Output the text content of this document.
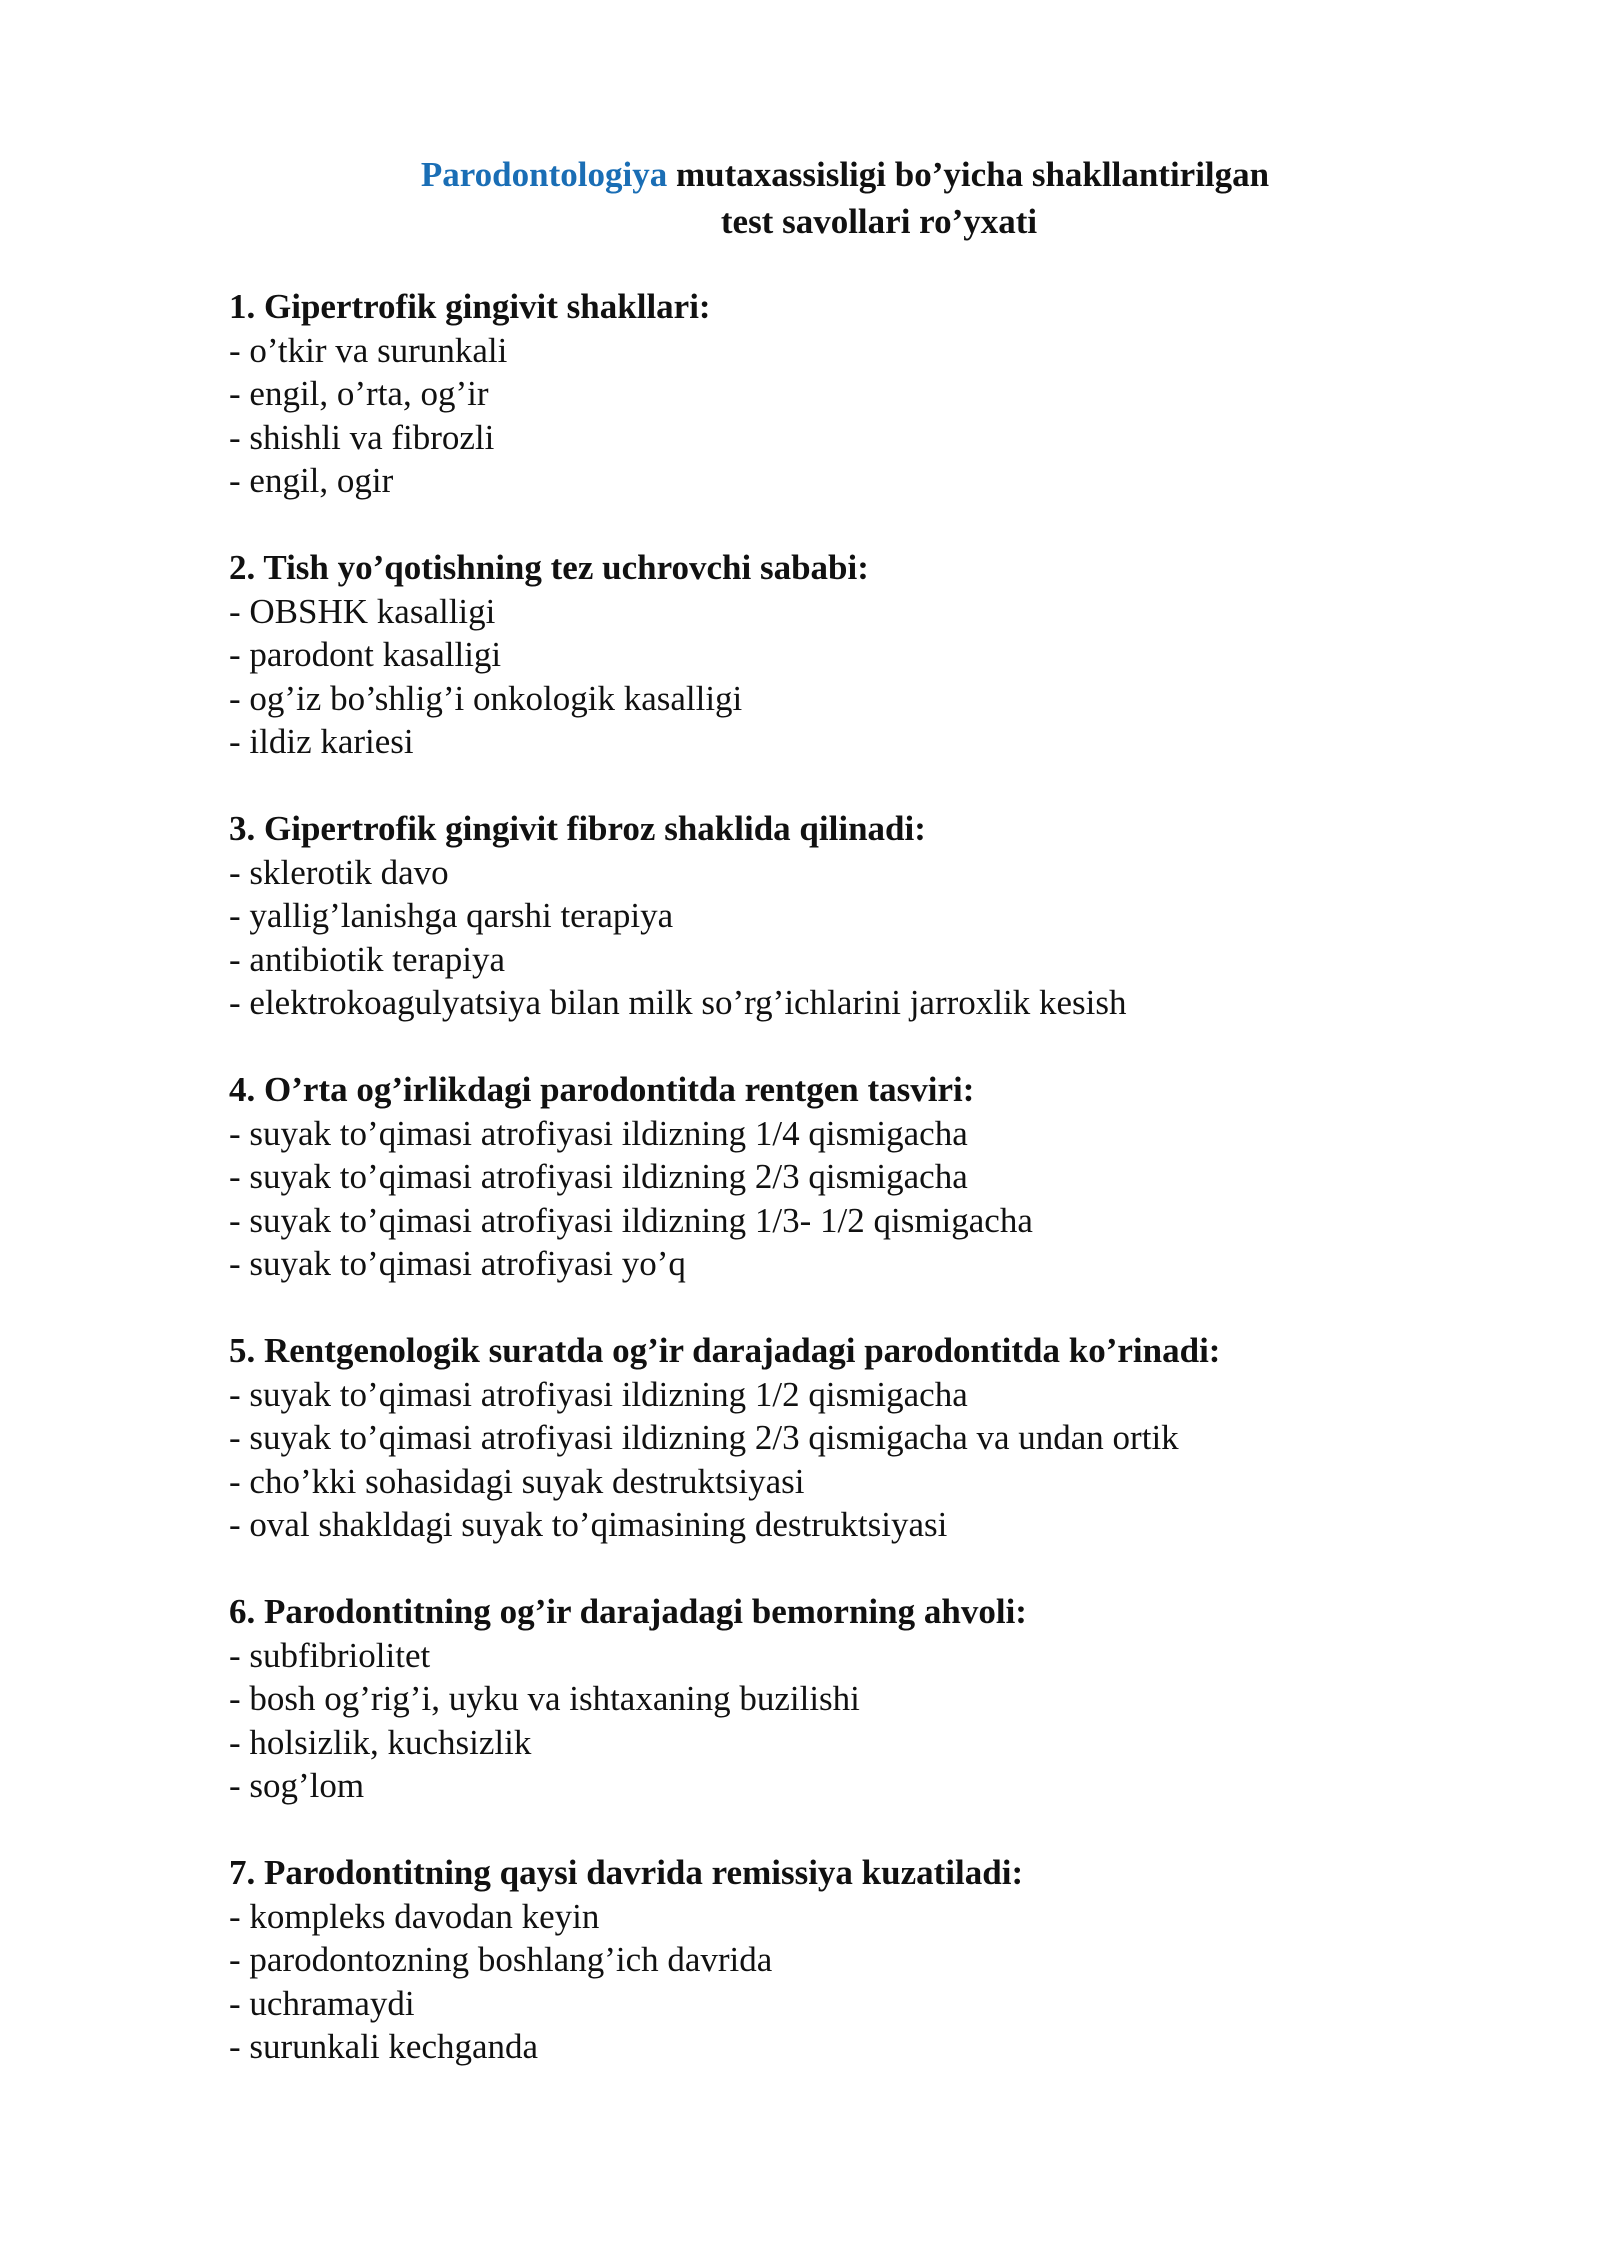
Parodontologiya mutaxassisligi bo’yicha shakllantirilgan
test savollari ro’yxati
1. Gipertrofik gingivit shakllari:
- o’tkir va surunkali
- engil, o’rta, og’ir
- shishli va fibrozli
- engil, ogir
2. Tish yo’qotishning tez uchrovchi sababi:
- OBSHK kasalligi
- parodont kasalligi
- og’iz bo’shlig’i onkologik kasalligi
- ildiz kariesi
3. Gipertrofik gingivit fibroz shaklida qilinadi:
- sklerotik davo
- yallig’lanishga qarshi terapiya
- antibiotik terapiya
- elektrokoagulyatsiya bilan milk so’rg’ichlarini jarroxlik kesish
4. O’rta og’irlikdagi parodontitda rentgen tasviri:
- suyak to’qimasi atrofiyasi ildizning 1/4 qismigacha
- suyak to’qimasi atrofiyasi ildizning 2/3 qismigacha
- suyak to’qimasi atrofiyasi ildizning 1/3- 1/2 qismigacha
- suyak to’qimasi atrofiyasi yo’q
5. Rentgenologik suratda og’ir darajadagi parodontitda ko’rinadi:
- suyak to’qimasi atrofiyasi ildizning 1/2 qismigacha
- suyak to’qimasi atrofiyasi ildizning 2/3 qismigacha va undan ortik
- cho’kki sohasidagi suyak destruktsiyasi
- oval shakldagi suyak to’qimasining destruktsiyasi
6. Parodontitning og’ir darajadagi bemorning ahvoli:
- subfibriolitet
- bosh og’rig’i, uyku va ishtaxaning buzilishi
- holsizlik, kuchsizlik
- sog’lom
7. Parodontitning qaysi davrida remissiya kuzatiladi:
- kompleks davodan keyin
- parodontozning boshlang’ich davrida
- uchramaydi
- surunkali kechganda
